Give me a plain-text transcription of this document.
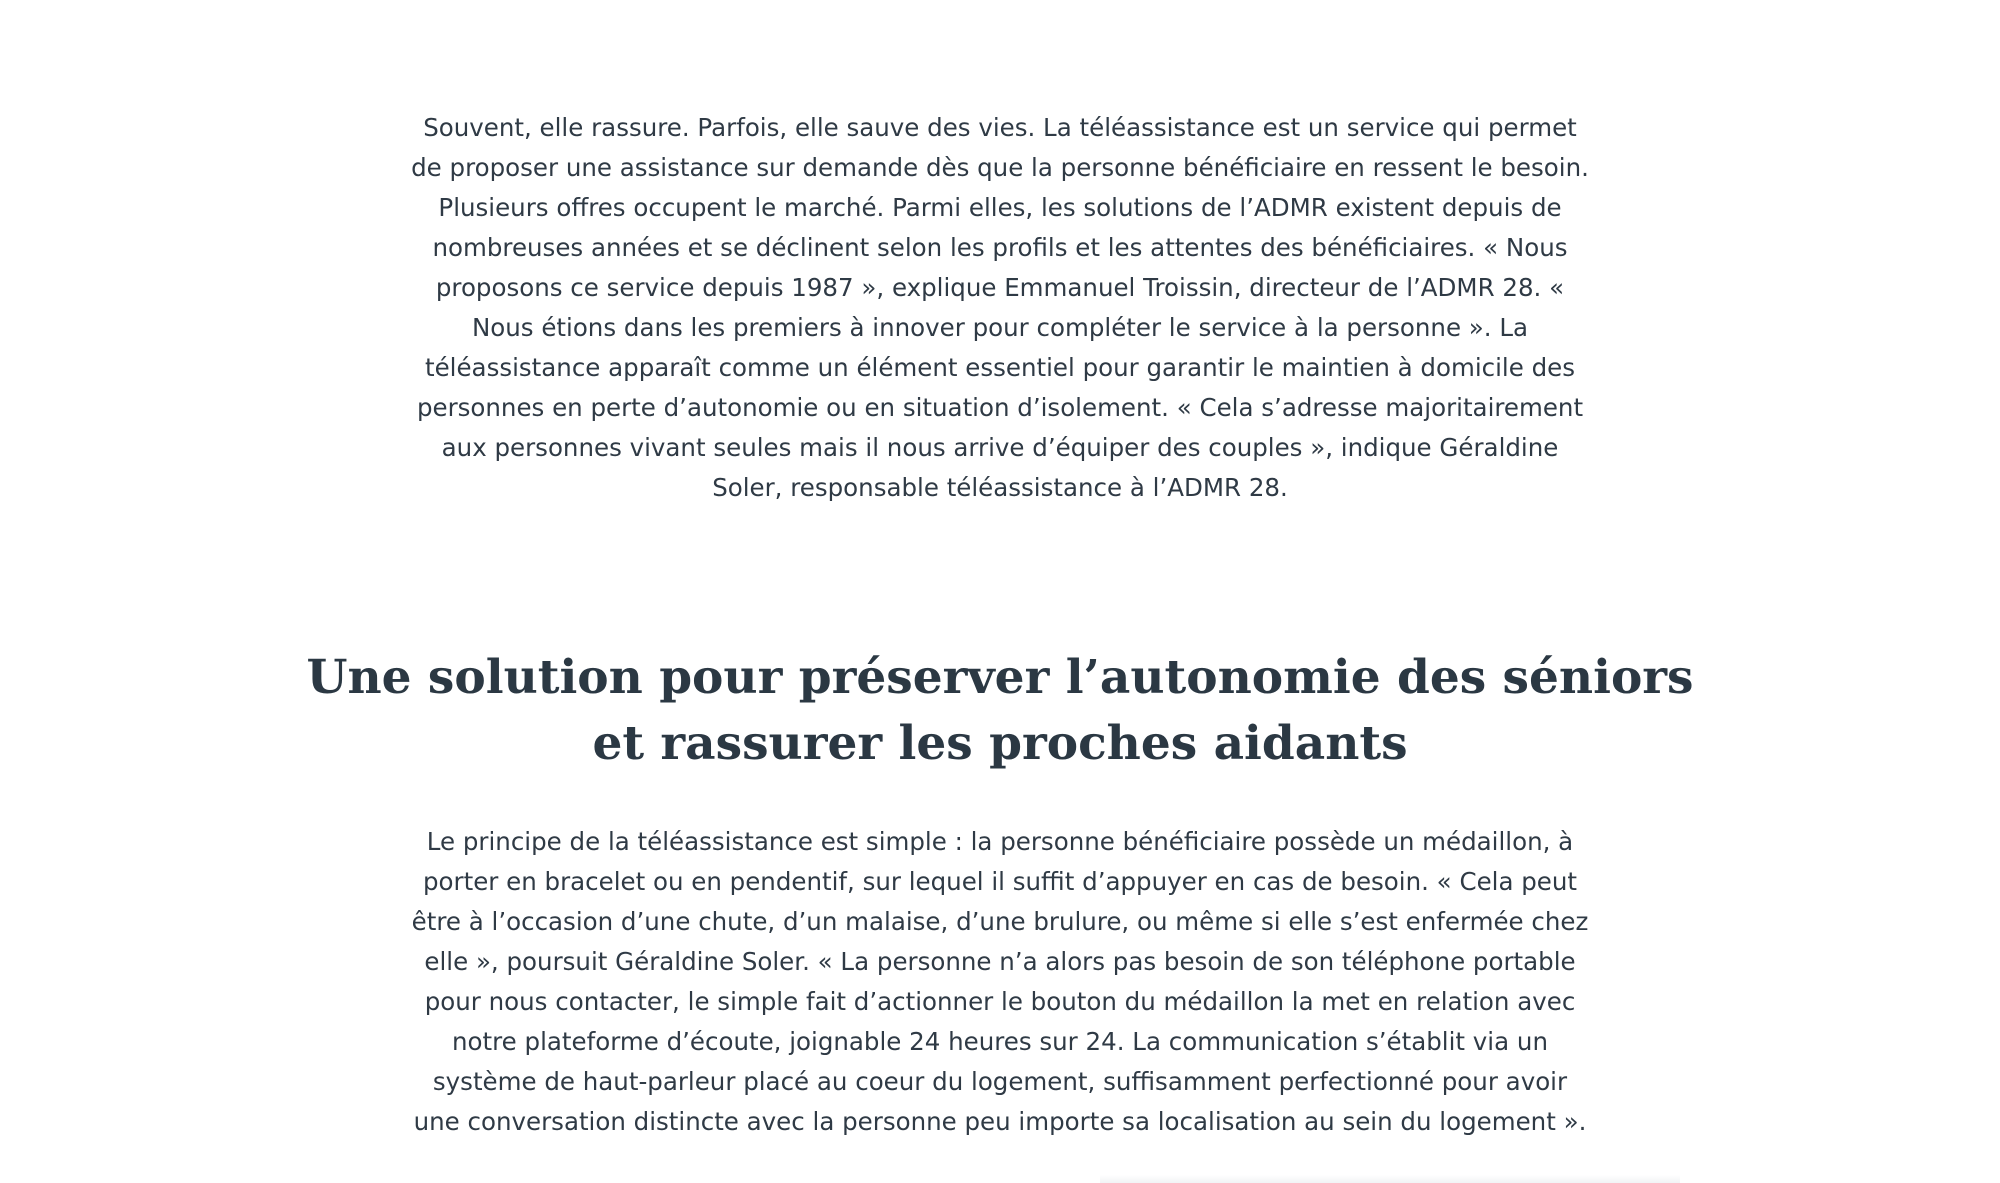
Souvent, elle rassure. Parfois, elle sauve des vies. La téléassistance est un service qui permet de proposer une assistance sur demande dès que la personne bénéficiaire en ressent le besoin. Plusieurs offres occupent le marché. Parmi elles, les solutions de l’ADMR existent depuis de nombreuses années et se déclinent selon les profils et les attentes des bénéficiaires. « Nous proposons ce service depuis 1987 », explique Emmanuel Troissin, directeur de l’ADMR 28. « Nous étions dans les premiers à innover pour compléter le service à la personne ». La téléassistance apparaît comme un élément essentiel pour garantir le maintien à domicile des personnes en perte d’autonomie ou en situation d’isolement. « Cela s’adresse majoritairement aux personnes vivant seules mais il nous arrive d’équiper des couples », indique Géraldine Soler, responsable téléassistance à l’ADMR 28.

Une solution pour préserver l’autonomie des séniors et rassurer les proches aidants

Le principe de la téléassistance est simple : la personne bénéficiaire possède un médaillon, à porter en bracelet ou en pendentif, sur lequel il suffit d’appuyer en cas de besoin. « Cela peut être à l’occasion d’une chute, d’un malaise, d’une brulure, ou même si elle s’est enfermée chez elle », poursuit Géraldine Soler. « La personne n’a alors pas besoin de son téléphone portable pour nous contacter, le simple fait d’actionner le bouton du médaillon la met en relation avec notre plateforme d’écoute, joignable 24 heures sur 24. La communication s’établit via un système de haut-parleur placé au coeur du logement, suffisamment perfectionné pour avoir une conversation distincte avec la personne peu importe sa localisation au sein du logement ».
